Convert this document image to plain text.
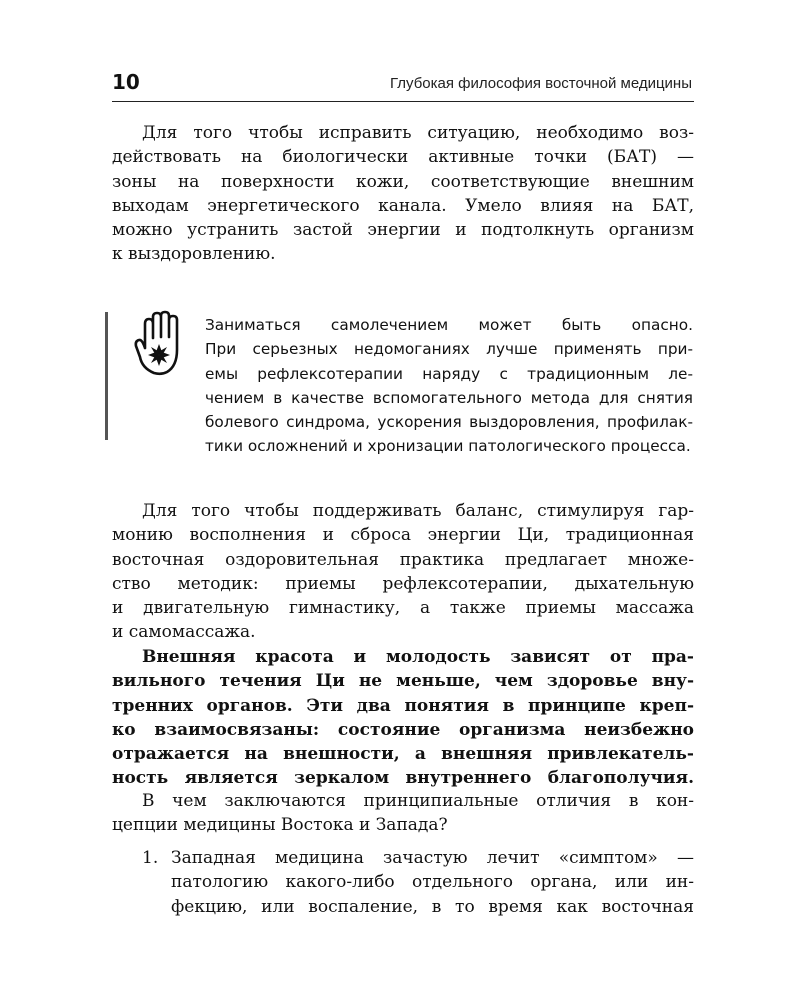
10	Глубокая философия восточной медицины
Для того чтобы исправить ситуацию, необходимо воз-
действовать на биологически активные точки (БАТ) —
зоны на поверхности кожи, соответствующие внешним
выходам энергетического канала. Умело влияя на БАТ,
можно устранить застой энергии и подтолкнуть организм
к выздоровлению.
Заниматься самолечением может быть опасно.
При серьезных недомоганиях лучше применять при-
емы рефлексотерапии наряду с традиционным ле-
чением в качестве вспомогательного метода для снятия
болевого синдрома, ускорения выздоровления, профилак-
тики осложнений и хронизации патологического процесса.
Для того чтобы поддерживать баланс, стимулируя гар-
монию восполнения и сброса энергии Ци, традиционная
восточная оздоровительная практика предлагает множе-
ство методик: приемы рефлексотерапии, дыхательную
и двигательную гимнастику, а также приемы массажа
и самомассажа.
Внешняя красота и молодость зависят от пра-
вильного течения Ци не меньше, чем здоровье вну-
тренних органов. Эти два понятия в принципе креп-
ко взаимосвязаны: состояние организма неизбежно
отражается на внешности, а внешняя привлекатель-
ность является зеркалом внутреннего благополучия.
В чем заключаются принципиальные отличия в кон-
цепции медицины Востока и Запада?
1. Западная медицина зачастую лечит «симптом» —
патологию какого-либо отдельного органа, или ин-
фекцию, или воспаление, в то время как восточная
